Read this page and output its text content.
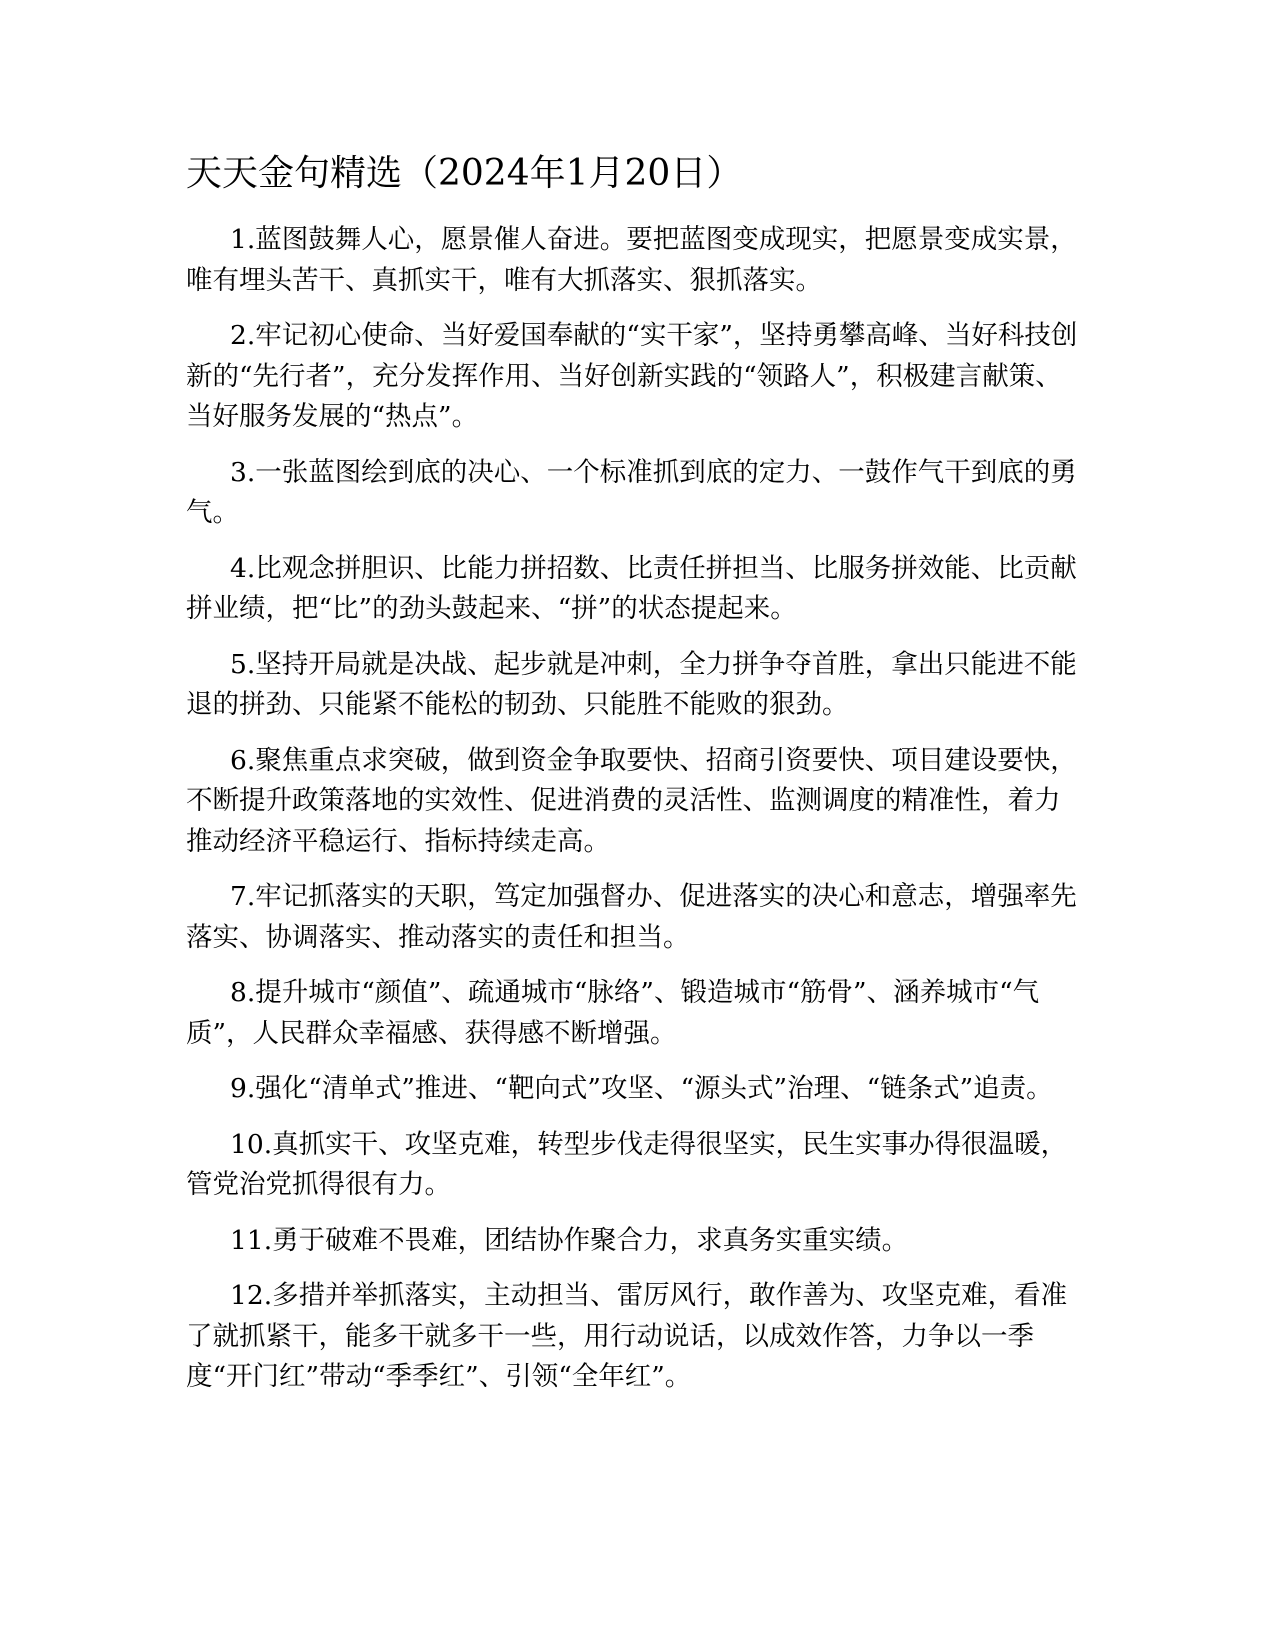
天天金句精选（2024年1月20日）

1.蓝图鼓舞人心，愿景催人奋进。要把蓝图变成现实，把愿景变成实景，唯有埋头苦干、真抓实干，唯有大抓落实、狠抓落实。

2.牢记初心使命、当好爱国奉献的“实干家”，坚持勇攀高峰、当好科技创新的“先行者”，充分发挥作用、当好创新实践的“领路人”，积极建言献策、当好服务发展的“热点”。

3.一张蓝图绘到底的决心、一个标准抓到底的定力、一鼓作气干到底的勇气。

4.比观念拼胆识、比能力拼招数、比责任拼担当、比服务拼效能、比贡献拼业绩，把“比”的劲头鼓起来、“拼”的状态提起来。

5.坚持开局就是决战、起步就是冲刺，全力拼争夺首胜，拿出只能进不能退的拼劲、只能紧不能松的韧劲、只能胜不能败的狠劲。

6.聚焦重点求突破，做到资金争取要快、招商引资要快、项目建设要快，不断提升政策落地的实效性、促进消费的灵活性、监测调度的精准性，着力推动经济平稳运行、指标持续走高。

7.牢记抓落实的天职，笃定加强督办、促进落实的决心和意志，增强率先落实、协调落实、推动落实的责任和担当。

8.提升城市“颜值”、疏通城市“脉络”、锻造城市“筋骨”、涵养城市“气质”，人民群众幸福感、获得感不断增强。

9.强化“清单式”推进、“靶向式”攻坚、“源头式”治理、“链条式”追责。

10.真抓实干、攻坚克难，转型步伐走得很坚实，民生实事办得很温暖，管党治党抓得很有力。

11.勇于破难不畏难，团结协作聚合力，求真务实重实绩。

12.多措并举抓落实，主动担当、雷厉风行，敢作善为、攻坚克难，看准了就抓紧干，能多干就多干一些，用行动说话，以成效作答，力争以一季度“开门红”带动“季季红”、引领“全年红”。
